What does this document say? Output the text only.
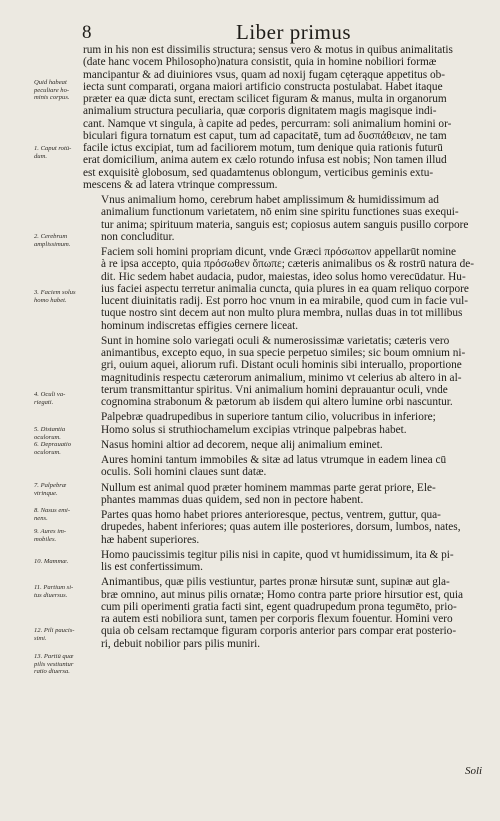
8	Liber primus
rum in his non est dissimilis structura; sensus vero & motus in quibus animalitatis
(date hanc vocem Philosopho)natura consistit, quia in homine nobiliori formæ
mancipantur & ad diuiniores vsus, quam ad noxij fugam cęterąque appetitus ob-
iecta sunt comparati, organa maiori artificio constructa postulabat. Habet itaque
præter ea quæ dicta sunt, erectam scilicet figuram & manus, multa in organorum
animalium structura peculiaria, quæ corporis dignitatem magis magisque indi-
cant. Namque vt singula, à capite ad pedes, percurram: soli animalium homini or-
biculari figura tornatum est caput, tum ad capacitatē, tum ad δυσπάθειαν, ne tam
facile ictus excipiat, tum ad faciliorem motum, tum denique quia rationis futurū
erat domicilium, anima autem ex cælo rotundo infusa est nobis; Non tamen illud
est exquisitè globosum, sed quadamtenus oblongum, verticibus geminis extu-
mescens & ad latera vtrinque compressum.
Vnus animalium homo, cerebrum habet amplissimum & humidissimum ad
animalium functionum varietatem, nō enim sine spiritu functiones suas exequi-
tur anima; spirituum materia, sanguis est; copiosus autem sanguis pusillo corpore
non concluditur.
Faciem soli homini propriam dicunt, vnde Græci πρόσωπον appellarūt nomine
à re ipsa accepto, quia πρόσωθεν ὄπωπε; cæteris animalibus os & rostrū natura de-
dit. Hic sedem habet audacia, pudor, maiestas, ideo solus homo verecūdatur. Hu-
ius faciei aspectu terretur animalia cuncta, quia plures in ea quam reliquo corpore
lucent diuinitatis radij. Est porro hoc vnum in ea mirabile, quod cum in facie vul-
tuque nostro sint decem aut non multo plura membra, nullas duas in tot millibus
hominum indiscretas effigies cernere liceat.
Sunt in homine solo variegati oculi & numerosissimæ varietatis; cæteris vero
animantibus, excepto equo, in sua specie perpetuo similes; sic boum omnium ni-
gri, ouium aquei, aliorum rufi. Distant oculi hominis sibi interuallo, proportione
magnitudinis respectu cæterorum animalium, minimo vt celerius ab altero in al-
terum transmittantur spiritus. Vni animalium homini deprauantur oculi, vnde
cognomina strabonum & pætorum ab iisdem qui altero lumine orbi nascuntur.
Palpebræ quadrupedibus in superiore tantum cilio, volucribus in inferiore;
Homo solus si struthiochamelum excipias vtrinque palpebras habet.
Nasus homini altior ad decorem, neque alij animalium eminet.
Aures homini tantum immobiles & sitæ ad latus vtrumque in eadem linea cū
oculis. Soli homini claues sunt datæ.
Nullum est animal quod præter hominem mammas parte gerat priore, Ele-
phantes mammas duas quidem, sed non in pectore habent.
Partes quas homo habet priores anterioresque, pectus, ventrem, guttur, qua-
drupedes, habent inferiores; quas autem ille posteriores, dorsum, lumbos, nates,
hæ habent superiores.
Homo paucissimis tegitur pilis nisi in capite, quod vt humidissimum, ita & pi-
lis est confertissimum.
Animantibus, quæ pilis vestiuntur, partes pronæ hirsutæ sunt, supinæ aut gla-
bræ omnino, aut minus pilis ornatæ; Homo contra parte priore hirsutior est, quia
cum pili operimenti gratia facti sint, egent quadrupedum prona tegumēto, prio-
ra autem esti nobiliora sunt, tamen per corporis flexum fouentur. Homini vero
quia ob celsam rectamque figuram corporis anterior pars compar erat posterio-
ri, debuit nobilior pars pilis muniri.
Quid habeat
peculiare ho-
minis corpus.
1. Caput rotū-
dum.
2. Cerebrum
amplissimum.
3. Faciem solus
homo habet.
4. Oculi va-
riegati.
5. Distantia
oculorum.
6. Deprauatio
oculorum.
7. Palpebræ
vtrinque.
8. Nasus emi-
nens.
9. Aures im-
mobiles.
10. Mammæ.
11. Partium si-
tus diuersus.
12. Pili paucis-
simi.
13. Partiū quæ
pilis vestiuntur
ratio diuersa.
Soli
